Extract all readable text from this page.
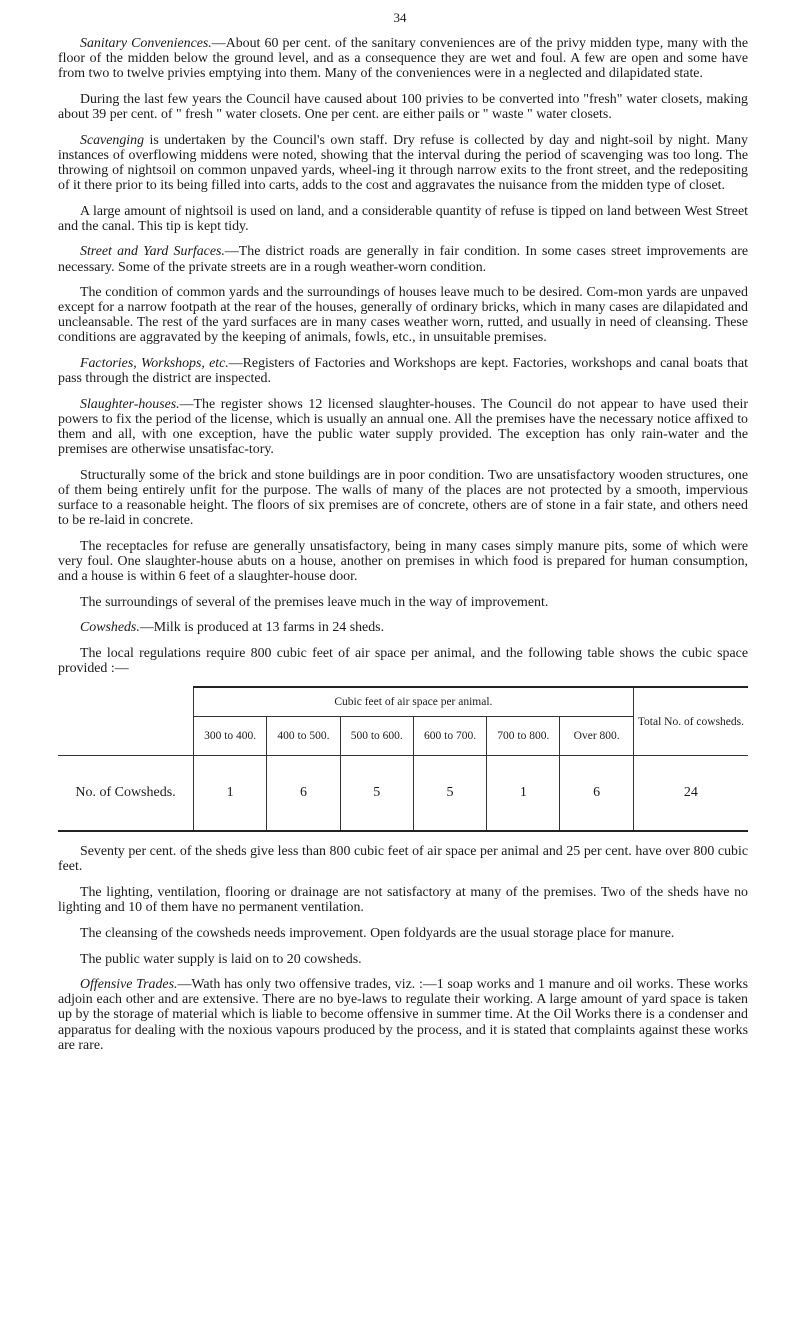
34

Sanitary Conveniences.—About 60 per cent. of the sanitary conveniences are of the privy midden type, many with the floor of the midden below the ground level, and as a consequence they are wet and foul. A few are open and some have from two to twelve privies emptying into them. Many of the conveniences were in a neglected and dilapidated state.

During the last few years the Council have caused about 100 privies to be converted into "fresh" water closets, making about 39 per cent. of " fresh " water closets. One per cent. are either pails or " waste " water closets.

Scavenging is undertaken by the Council's own staff. Dry refuse is collected by day and night-soil by night. Many instances of overflowing middens were noted, showing that the interval during the period of scavenging was too long. The throwing of nightsoil on common unpaved yards, wheel-ing it through narrow exits to the front street, and the redepositing of it there prior to its being filled into carts, adds to the cost and aggravates the nuisance from the midden type of closet.

A large amount of nightsoil is used on land, and a considerable quantity of refuse is tipped on land between West Street and the canal. This tip is kept tidy.

Street and Yard Surfaces.—The district roads are generally in fair condition. In some cases street improvements are necessary. Some of the private streets are in a rough weather-worn condition.

The condition of common yards and the surroundings of houses leave much to be desired. Com-mon yards are unpaved except for a narrow footpath at the rear of the houses, generally of ordinary bricks, which in many cases are dilapidated and uncleansable. The rest of the yard surfaces are in many cases weather worn, rutted, and usually in need of cleansing. These conditions are aggravated by the keeping of animals, fowls, etc., in unsuitable premises.

Factories, Workshops, etc.—Registers of Factories and Workshops are kept. Factories, workshops and canal boats that pass through the district are inspected.

Slaughter-houses.—The register shows 12 licensed slaughter-houses. The Council do not appear to have used their powers to fix the period of the license, which is usually an annual one. All the premises have the necessary notice affixed to them and all, with one exception, have the public water supply provided. The exception has only rain-water and the premises are otherwise unsatisfac-tory.

Structurally some of the brick and stone buildings are in poor condition. Two are unsatisfactory wooden structures, one of them being entirely unfit for the purpose. The walls of many of the places are not protected by a smooth, impervious surface to a reasonable height. The floors of six premises are of concrete, others are of stone in a fair state, and others need to be re-laid in concrete.

The receptacles for refuse are generally unsatisfactory, being in many cases simply manure pits, some of which were very foul. One slaughter-house abuts on a house, another on premises in which food is prepared for human consumption, and a house is within 6 feet of a slaughter-house door.

The surroundings of several of the premises leave much in the way of improvement.

Cowsheds.—Milk is produced at 13 farms in 24 sheds.

The local regulations require 800 cubic feet of air space per animal, and the following table shows the cubic space provided :—

	Cubic feet of air space per animal.						Total No. of cowsheds.
	300 to 400.	400 to 500.	500 to 600.	600 to 700.	700 to 800.	Over 800.	
No. of Cowsheds.	1	6	5	5	1	6	24

Seventy per cent. of the sheds give less than 800 cubic feet of air space per animal and 25 per cent. have over 800 cubic feet.

The lighting, ventilation, flooring or drainage are not satisfactory at many of the premises. Two of the sheds have no lighting and 10 of them have no permanent ventilation.

The cleansing of the cowsheds needs improvement. Open foldyards are the usual storage place for manure.

The public water supply is laid on to 20 cowsheds.

Offensive Trades.—Wath has only two offensive trades, viz. :—1 soap works and 1 manure and oil works. These works adjoin each other and are extensive. There are no bye-laws to regulate their working. A large amount of yard space is taken up by the storage of material which is liable to become offensive in summer time. At the Oil Works there is a condenser and apparatus for dealing with the noxious vapours produced by the process, and it is stated that complaints against these works are rare.
